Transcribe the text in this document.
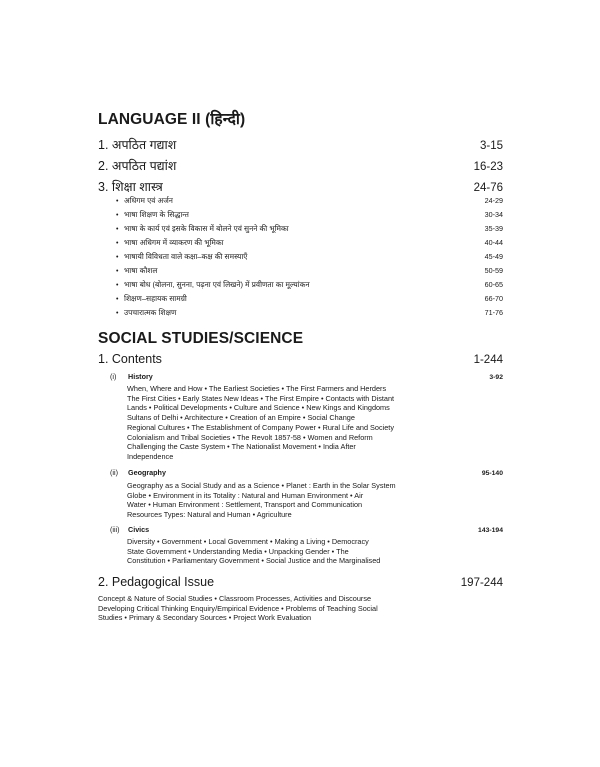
LANGUAGE II (हिन्दी)
1. अपठित गद्याश	3-15
2. अपठित पद्यांश	16-23
3. शिक्षा शास्त्र	24-76
• अधिगम एवं अर्जन	24-29
• भाषा शिक्षण के सिद्धान्त	30-34
• भाषा के कार्य एवं इसके विकास में बोलने एवं सुनने की भूमिका	35-39
• भाषा अधिगम में व्याकरण की भूमिका	40-44
• भाषायी विविधता वाले कक्षा–कक्ष की समस्याएँ	45-49
• भाषा कौशल	50-59
• भाषा बोध (बोलना, सुनना, पढ़ना एवं लिखने) में प्रवीणता का मूल्यांकन	60-65
• शिक्षण–सहायक सामग्री	66-70
• उपचारात्मक शिक्षण	71-76
SOCIAL STUDIES/SCIENCE
1. Contents	1-244
(i) History	3-92
When, Where and How • The Earliest Societies • The First Farmers and Herders
The First Cities • Early States New Ideas • The First Empire • Contacts with Distant
Lands • Political Developments • Culture and Science • New Kings and Kingdoms
Sultans of Delhi • Architecture • Creation of an Empire • Social Change
Regional Cultures • The Establishment of Company Power • Rural Life and Society
Colonialism and Tribal Societies • The Revolt 1857-58 • Women and Reform
Challenging the Caste System • The Nationalist Movement • India After
Independence
(ii) Geography	95-140
Geography as a Social Study and as a Science • Planet : Earth in the Solar System
Globe • Environment in its Totality : Natural and Human Environment • Air
Water • Human Environment : Settlement, Transport and Communication
Resources Types: Natural and Human • Agriculture
(iii) Civics	143-194
Diversity • Government • Local Government • Making a Living • Democracy
State Government • Understanding Media • Unpacking Gender • The
Constitution • Parliamentary Government • Social Justice and the Marginalised
2. Pedagogical Issue	197-244
Concept & Nature of Social Studies • Classroom Processes, Activities and Discourse
Developing Critical Thinking Enquiry/Empirical Evidence • Problems of Teaching Social
Studies • Primary & Secondary Sources • Project Work Evaluation
